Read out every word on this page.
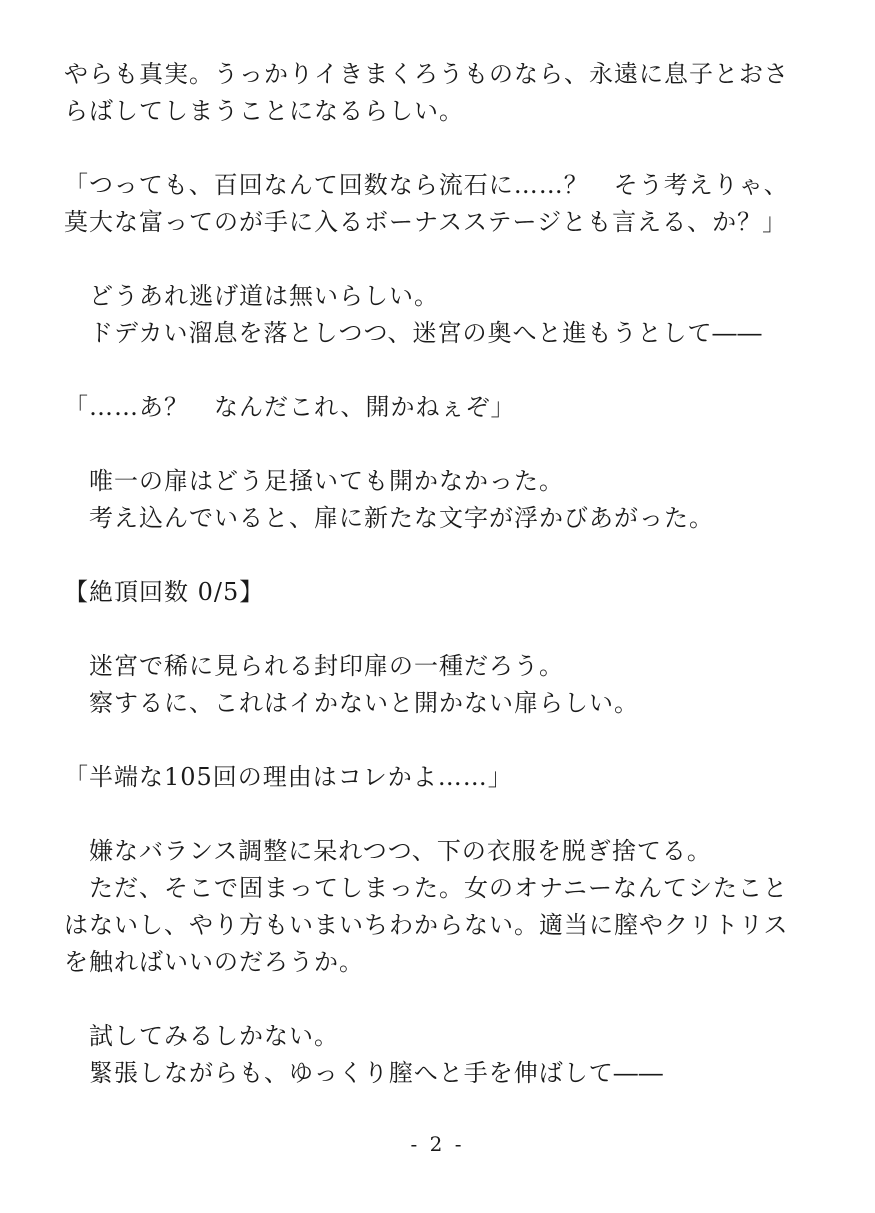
やらも真実。うっかりイきまくろうものなら、永遠に息子とおさ
らばしてしまうことになるらしい。
「つっても、百回なんて回数なら流石に……？　そう考えりゃ、
莫大な富ってのが手に入るボーナスステージとも言える、か？」
　どうあれ逃げ道は無いらしい。
　ドデカい溜息を落としつつ、迷宮の奥へと進もうとして――
「……あ？　なんだこれ、開かねぇぞ」
　唯一の扉はどう足掻いても開かなかった。
　考え込んでいると、扉に新たな文字が浮かびあがった。
【絶頂回数 0/5】
　迷宮で稀に見られる封印扉の一種だろう。
　察するに、これはイかないと開かない扉らしい。
「半端な105回の理由はコレかよ……」
　嫌なバランス調整に呆れつつ、下の衣服を脱ぎ捨てる。
　ただ、そこで固まってしまった。女のオナニーなんてシたこと
はないし、やり方もいまいちわからない。適当に膣やクリトリス
を触ればいいのだろうか。
　試してみるしかない。
　緊張しながらも、ゆっくり膣へと手を伸ばして――
- 2 -
